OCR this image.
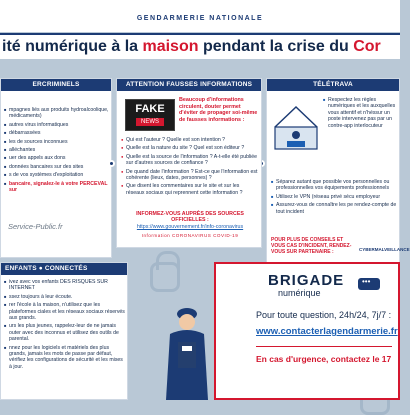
GENDARMERIE NATIONALE
ité numérique à la maison pendant la crise du Cor
ERCRIMINELS
■ mpagnes liés aux produits hydroalcoolique, médicaments)
■ autres virus informatiques
■ débarrassées
■ les de sources inconnues
■ alléchantes
■ uer des appels aux dons
■ données bancaires sur des sites
■ s de vos systèmes d'exploitation
■ bancaire, signalez-le à votre PERCEVAL sur
Service-Public.fr
ATTENTION FAUSSES INFORMATIONS
FAKE
NEWS
Beaucoup d'informations circulent, douter permet d'éviter de propager soi-même de fausses informations :
● Qui est l'auteur ? Quelle est son intention ?
● Quelle est la nature du site ? Quel est son éditeur ?
● Quelle est la source de l'information ? A-t-elle été publiée sur d'autres sources de confiance ?
● De quand date l'information ? Est-ce que l'information est cohérente (lieux, dates, personnes) ?
● Que disent les commentaires sur le site et sur les réseaux sociaux qui reprennent cette information ?
INFORMEZ-VOUS AUPRÈS DES SOURCES OFFICIELLES :
https://www.gouvernement.fr/info-coronavirus
Information CORONAVIRUS COVID-19
TÉLÉTRAVA
■ Respectez les règles numériques et les auxquelles vous attentif et n'héssur un poste intervenez pas par un contre-app interlocuteur
■ Séparez autant que possible vos personnelles ou professionnelles vos équipements professionnels
■ Utilisez le VPN (réseau privé sécu employeur
■ Assurez-vous de connaître les pe rendez-compte de tout incident
POUR PLUS DE CONSEILS ET VOUS CAS D'INCIDENT, RENDEZ-VOUS SUR PARTENAIRE :	CYBERMALVEILLANCE
ENFANTS ● CONNECTÉS
■ ivez avec vos enfants DES RISQUES SUR INTERNET
■ ssez toujours à leur écoute.
■ rer l'école à la maison, n'utilisez que les plateformes ciales et les réseaux sociaux réservés aux grands.
■ urs les plus jeunes, rappelez-leur de ne jamais outer avec des inconnus et utilisez des outils de parental.
■ nnez pour les logiciels et matériels des plus grands, jamais les mots de passe par défaut, vérifiez les configurations de sécurité et les mises à jour.
BRIGADE
•••
numérique
Pour toute question, 24h/24, 7j/7 :
www.contacterlagendarmerie.fr
En cas d'urgence, contactez le 17
